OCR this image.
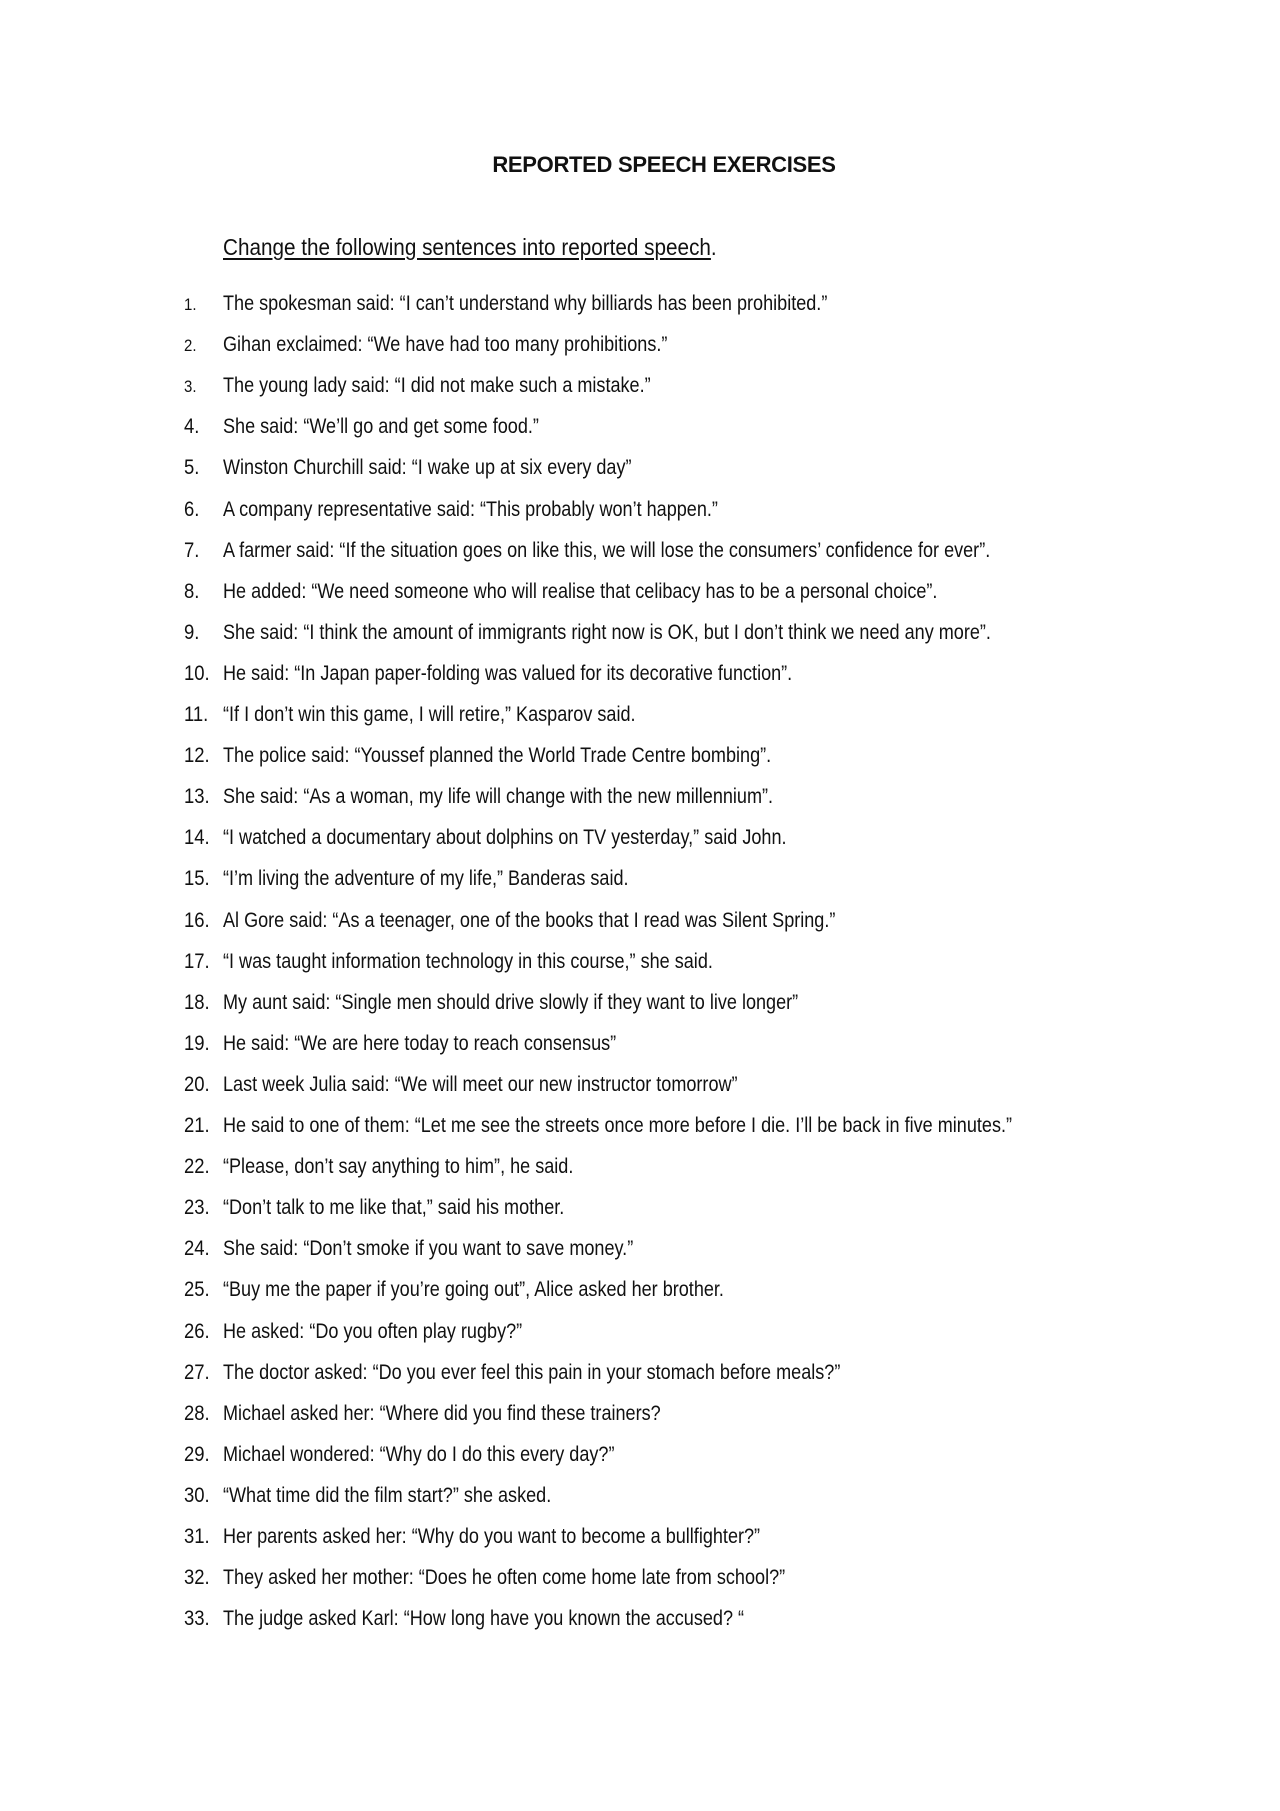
REPORTED SPEECH EXERCISES
Change the following sentences into reported speech.
1. The spokesman said: “I can’t understand why billiards has been prohibited.”
2. Gihan exclaimed: “We have had too many prohibitions.”
3. The young lady said: “I did not make such a mistake.”
4. She said: “We’ll go and get some food.”
5. Winston Churchill said: “I wake up at six every day”
6. A company representative said: “This probably won’t happen.”
7. A farmer said: “If the situation goes on like this, we will lose the consumers’ confidence for ever”.
8. He added: “We need someone who will realise that celibacy has to be a personal choice”.
9. She said: “I think the amount of immigrants right now is OK, but I don’t think we need any more”.
10. He said: “In Japan paper-folding was valued for its decorative function”.
11. “If I don’t win this game, I will retire,” Kasparov said.
12. The police said: “Youssef planned the World Trade Centre bombing”.
13. She said: “As a woman, my life will change with the new millennium”.
14. “I watched a documentary about dolphins on TV yesterday,” said John.
15. “I’m living the adventure of my life,” Banderas said.
16. Al Gore said: “As a teenager, one of the books that I read was Silent Spring.”
17. “I was taught information technology in this course,” she said.
18. My aunt said: “Single men should drive slowly if they want to live longer”
19. He said: “We are here today to reach consensus”
20. Last week Julia said: “We will meet our new instructor tomorrow”
21. He said to one of them: “Let me see the streets once more before I die. I’ll be back in five minutes.”
22. “Please, don’t say anything to him”, he said.
23. “Don’t talk to me like that,” said his mother.
24. She said: “Don’t smoke if you want to save money.”
25. “Buy me the paper if you’re going out”, Alice asked her brother.
26. He asked: “Do you often play rugby?”
27. The doctor asked: “Do you ever feel this pain in your stomach before meals?”
28. Michael asked her: “Where did you find these trainers?
29. Michael wondered: “Why do I do this every day?”
30. “What time did the film start?” she asked.
31. Her parents asked her: “Why do you want to become a bullfighter?”
32. They asked her mother: “Does he often come home late from school?”
33. The judge asked Karl: “How long have you known the accused? “
